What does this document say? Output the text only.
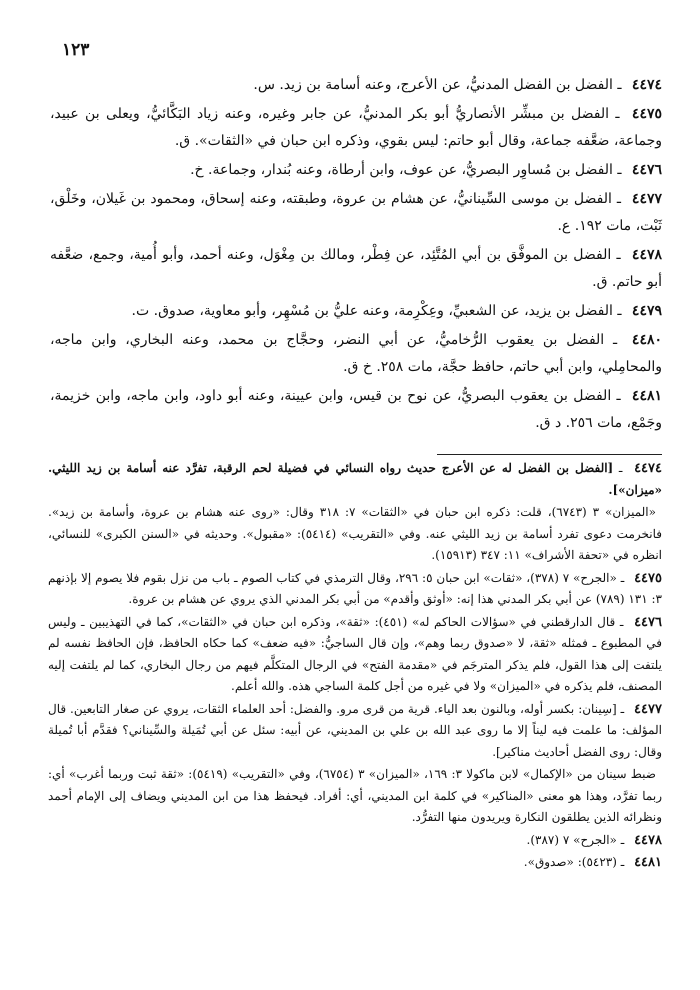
١٢٣

٤٤٧٤ ـ الفضل بن الفضل المدنيُّ، عن الأعرج، وعنه أسامة بن زيد. س.

٤٤٧٥ ـ الفضل بن مبشِّر الأنصاريُّ أبو بكر المدنيُّ، عن جابر وغيره، وعنه زياد البَكَّائيُّ، ويعلى بن عبيد، وجماعة، ضعَّفه جماعة، وقال أبو حاتم: ليس بقوي، وذكره ابن حبان في «الثقات». ق.

٤٤٧٦ ـ الفضل بن مُساوِر البصريُّ، عن عوف، وابن أرطاة، وعنه بُندار، وجماعة. خ.

٤٤٧٧ ـ الفضل بن موسى السِّينانيُّ، عن هشام بن عروة، وطبقته، وعنه إسحاق، ومحمود بن غَيلان، وخَلْق، ثَبْت، مات ١٩٢. ع.

٤٤٧٨ ـ الفضل بن الموفَّق بن أبي المُتَّئِد، عن فِطْر، ومالك بن مِغْوَل، وعنه أحمد، وأبو أُمية، وجمع، ضعَّفه أبو حاتم. ق.

٤٤٧٩ ـ الفضل بن يزيد، عن الشعبيِّ، وعِكْرِمة، وعنه عليُّ بن مُسْهِر، وأبو معاوية، صدوق. ت.

٤٤٨٠ ـ الفضل بن يعقوب الرُّخاميُّ، عن أبي النضر، وحجَّاج بن محمد، وعنه البخاري، وابن ماجه، والمحامِلي، وابن أبي حاتم، حافظ حجَّة، مات ٢٥٨. خ ق.

٤٤٨١ ـ الفضل بن يعقوب البصريُّ، عن نوح بن قيس، وابن عيينة، وعنه أبو داود، وابن ماجه، وابن خزيمة، وجَمْع، مات ٢٥٦. د ق.

٤٤٧٤ ـ [الفضل بن الفضل له عن الأعرج حديث رواه النسائي في فضيلة لحم الرقبة، تفرَّد عنه أسامة بن زيد الليثي. «ميزان»].

«الميزان» ٣ (٦٧٤٣)، قلت: ذكره ابن حبان في «الثقات» ٧: ٣١٨ وقال: «روى عنه هشام بن عروة، وأسامة بن زيد». فانخرمت دعوى تفرد أسامة بن زيد الليثي عنه. وفي «التقريب» (٥٤١٤): «مقبول». وحديثه في «السنن الكبرى» للنسائي، انظره في «تحفة الأشراف» ١١: ٣٤٧ (١٥٩١٣).

٤٤٧٥ ـ «الجرح» ٧ (٣٧٨)، «ثقات» ابن حبان ٥: ٢٩٦، وقال الترمذي في كتاب الصوم ـ باب من نزل بقوم فلا يصوم إلا بإذنهم ٣: ١٣١ (٧٨٩) عن أبي بكر المدني هذا إنه: «أوثق وأقدم» من أبي بكر المدني الذي يروي عن هشام بن عروة.

٤٤٧٦ ـ قال الدارقطني في «سؤالات الحاكم له» (٤٥١): «ثقة»، وذكره ابن حبان في «الثقات»، كما في التهذيبين ـ وليس في المطبوع ـ فمثله «ثقة، لا «صدوق ربما وهم»، وإن قال الساجيُّ: «فيه ضعف» كما حكاه الحافظ، فإن الحافظ نفسه لم يلتفت إلى هذا القول، فلم يذكر المترجَم في «مقدمة الفتح» في الرجال المتكلَّم فيهم من رجال البخاري، كما لم يلتفت إليه المصنف، فلم يذكره في «الميزان» ولا في غيره من أجل كلمة الساجي هذه. والله أعلم.

٤٤٧٧ ـ [سِينان: بكسر أوله، وبالنون بعد الياء. قرية من قرى مرو. والفضل: أحد العلماء الثقات، يروي عن صغار التابعين. قال المؤلف: ما علمت فيه ليناً إلا ما روى عبد الله بن علي بن المديني، عن أبيه: سئل عن أبي تُمَيلة والسِّيناني؟ فقدَّم أبا تُميلة وقال: روى الفضل أحاديث مناكير].

ضبط سينان من «الإكمال» لابن ماكولا ٣: ١٦٩، «الميزان» ٣ (٦٧٥٤)، وفي «التقريب» (٥٤١٩): «ثقة ثبت وربما أغرب» أي: ربما تفرَّد، وهذا هو معنى «المناكير» في كلمة ابن المديني، أي: أفراد. فيحفظ هذا من ابن المديني ويضاف إلى الإمام أحمد ونظرائه الذين يطلقون النكارة ويريدون منها التفرُّد.

٤٤٧٨ ـ «الجرح» ٧ (٣٨٧).

٤٤٨١ ـ (٥٤٢٣): «صدوق».
